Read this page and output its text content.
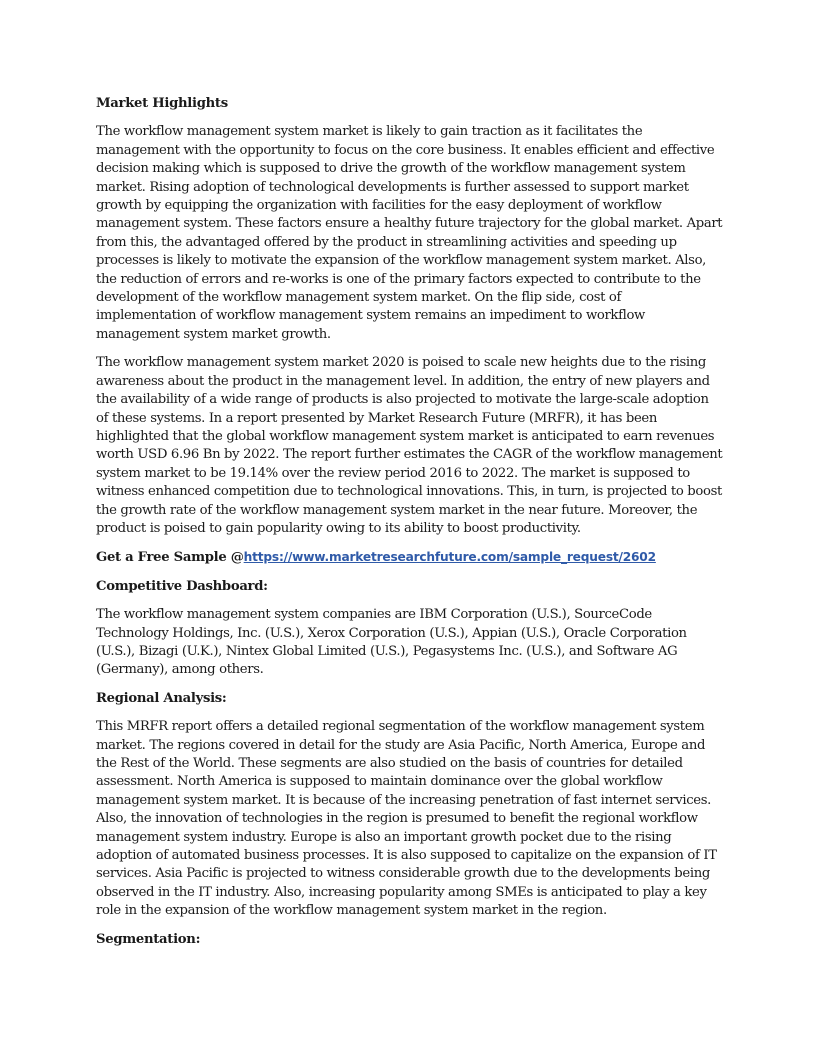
Market Highlights

The workflow management system market is likely to gain traction as it facilitates the management with the opportunity to focus on the core business. It enables efficient and effective decision making which is supposed to drive the growth of the workflow management system market. Rising adoption of technological developments is further assessed to support market growth by equipping the organization with facilities for the easy deployment of workflow management system. These factors ensure a healthy future trajectory for the global market. Apart from this, the advantaged offered by the product in streamlining activities and speeding up processes is likely to motivate the expansion of the workflow management system market. Also, the reduction of errors and re-works is one of the primary factors expected to contribute to the development of the workflow management system market. On the flip side, cost of implementation of workflow management system remains an impediment to workflow management system market growth.

The workflow management system market 2020 is poised to scale new heights due to the rising awareness about the product in the management level. In addition, the entry of new players and the availability of a wide range of products is also projected to motivate the large-scale adoption of these systems. In a report presented by Market Research Future (MRFR), it has been highlighted that the global workflow management system market is anticipated to earn revenues worth USD 6.96 Bn by 2022. The report further estimates the CAGR of the workflow management system market to be 19.14% over the review period 2016 to 2022. The market is supposed to witness enhanced competition due to technological innovations. This, in turn, is projected to boost the growth rate of the workflow management system market in the near future. Moreover, the product is poised to gain popularity owing to its ability to boost productivity.

Get a Free Sample @https://www.marketresearchfuture.com/sample_request/2602
Competitive Dashboard:

The workflow management system companies are IBM Corporation (U.S.), SourceCode Technology Holdings, Inc. (U.S.), Xerox Corporation (U.S.), Appian (U.S.), Oracle Corporation (U.S.), Bizagi (U.K.), Nintex Global Limited (U.S.), Pegasystems Inc. (U.S.), and Software AG (Germany), among others.

Regional Analysis:

This MRFR report offers a detailed regional segmentation of the workflow management system market. The regions covered in detail for the study are Asia Pacific, North America, Europe and the Rest of the World. These segments are also studied on the basis of countries for detailed assessment. North America is supposed to maintain dominance over the global workflow management system market. It is because of the increasing penetration of fast internet services. Also, the innovation of technologies in the region is presumed to benefit the regional workflow management system industry. Europe is also an important growth pocket due to the rising adoption of automated business processes. It is also supposed to capitalize on the expansion of IT services. Asia Pacific is projected to witness considerable growth due to the developments being observed in the IT industry. Also, increasing popularity among SMEs is anticipated to play a key role in the expansion of the workflow management system market in the region.

Segmentation:
